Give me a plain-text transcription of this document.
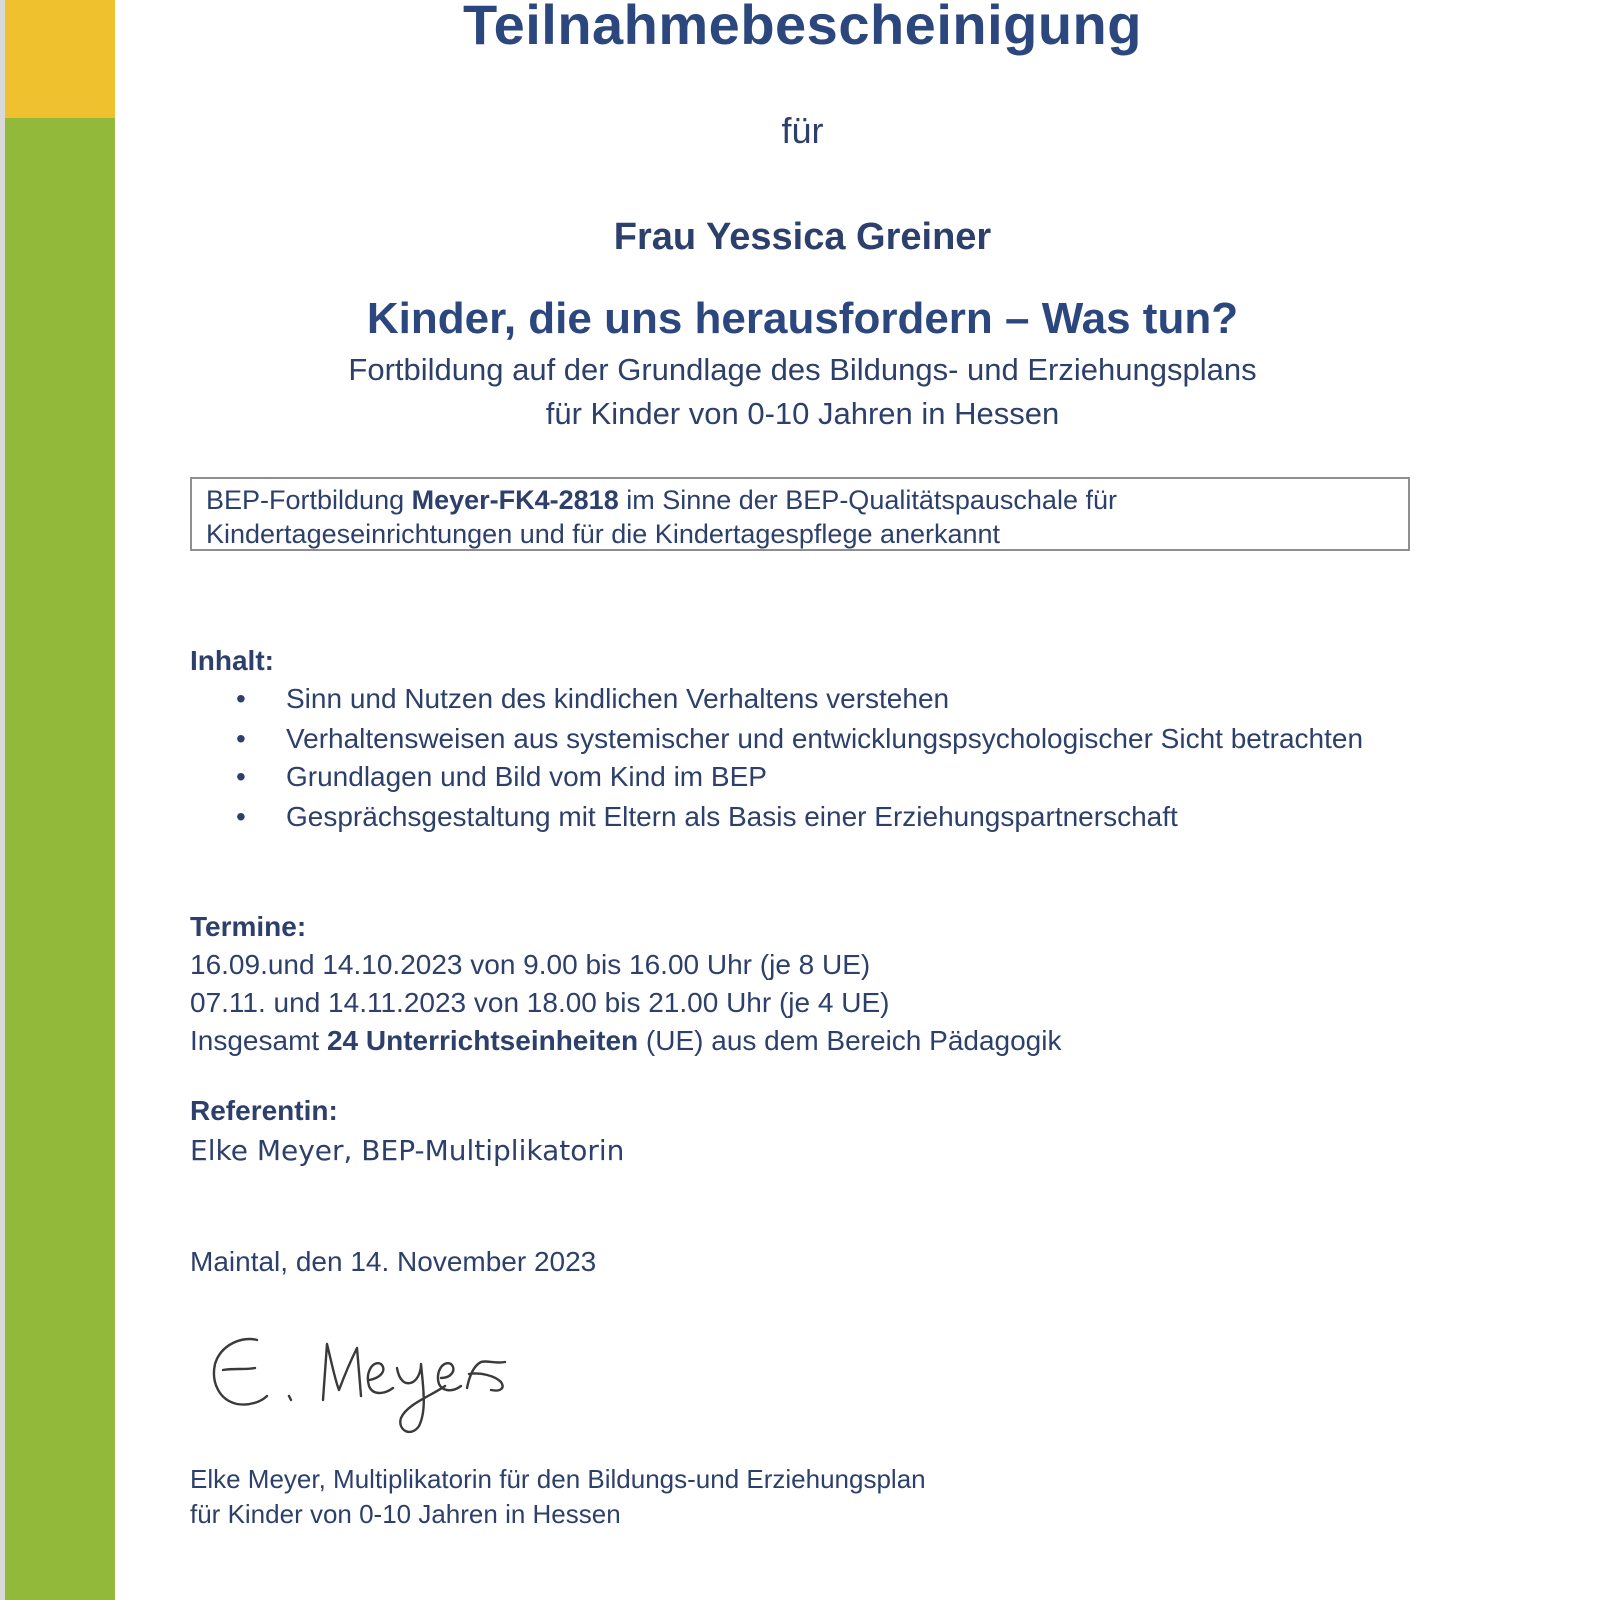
Teilnahmebescheinigung
für
Frau Yessica Greiner
Kinder, die uns herausfordern – Was tun?
Fortbildung auf der Grundlage des Bildungs- und Erziehungsplans
für Kinder von 0-10 Jahren in Hessen
BEP-Fortbildung Meyer-FK4-2818 im Sinne der BEP-Qualitätspauschale für Kindertageseinrichtungen und für die Kindertagespflege anerkannt
Inhalt:
• Sinn und Nutzen des kindlichen Verhaltens verstehen
• Verhaltensweisen aus systemischer und entwicklungspsychologischer Sicht betrachten
• Grundlagen und Bild vom Kind im BEP
• Gesprächsgestaltung mit Eltern als Basis einer Erziehungspartnerschaft
Termine:
16.09.und 14.10.2023 von 9.00 bis 16.00 Uhr (je 8 UE)
07.11. und 14.11.2023 von 18.00 bis 21.00 Uhr (je 4 UE)
Insgesamt 24 Unterrichtseinheiten (UE) aus dem Bereich Pädagogik
Referentin:
Elke Meyer, BEP-Multiplikatorin
Maintal, den 14. November 2023
Elke Meyer, Multiplikatorin für den Bildungs-und Erziehungsplan
für Kinder von 0-10 Jahren in Hessen
